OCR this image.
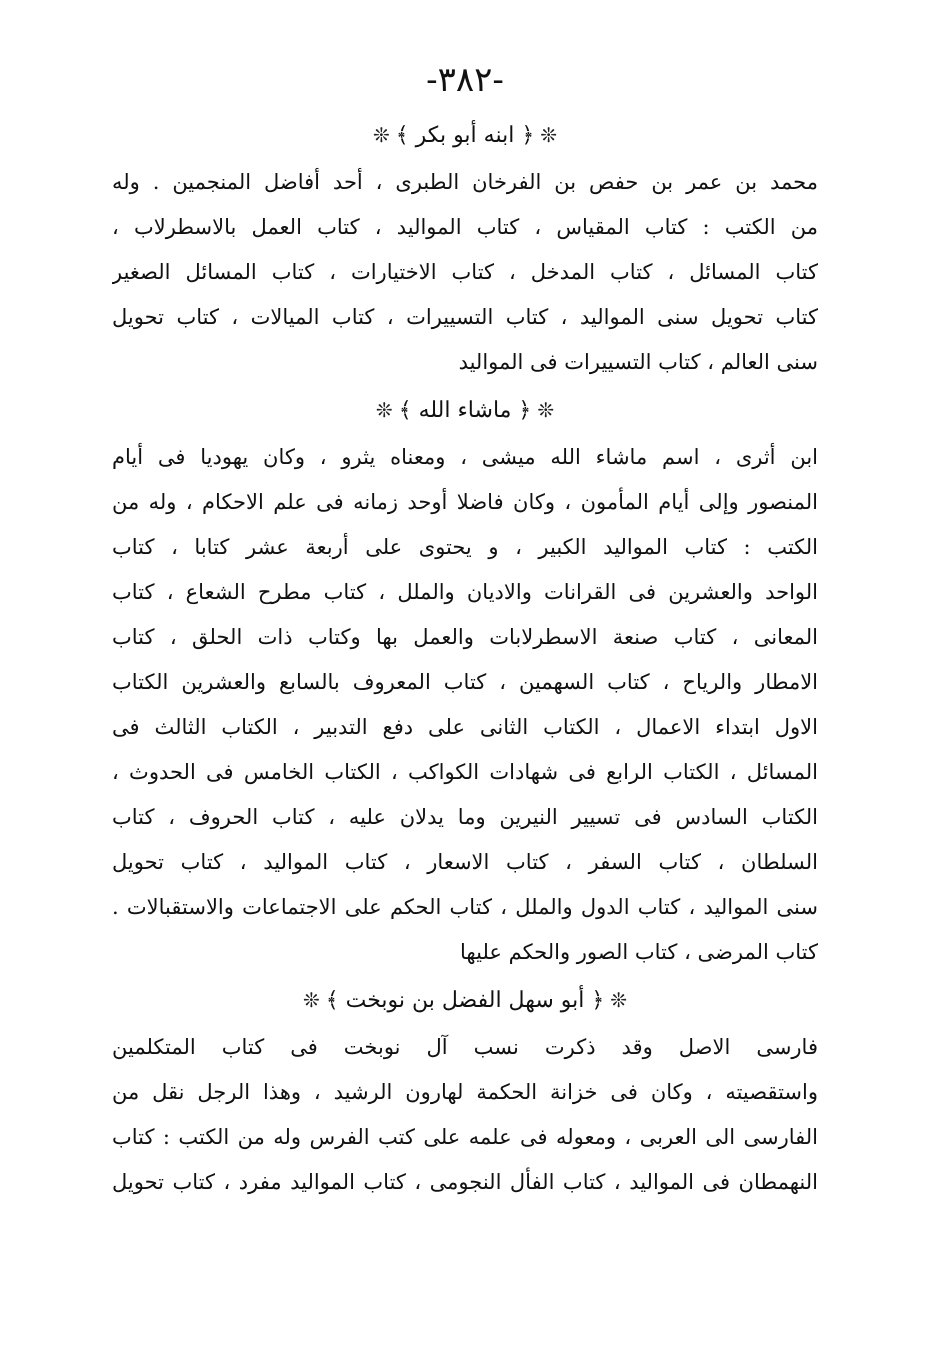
-٣٨٢-
❊﴿ ابنه أبو بكر ﴾❊
محمد بن عمر بن حفص بن الفرخان الطبرى ، أحد أفاضل المنجمين . وله
من الكتب : كتاب المقياس ، كتاب المواليد ، كتاب العمل بالاسطرلاب ،
كتاب المسائل ، كتاب المدخل ، كتاب الاختيارات ، كتاب المسائل الصغير
كتاب تحويل سنى المواليد ، كتاب التسييرات ، كتاب الميالات ، كتاب تحويل
سنى العالم ، كتاب التسييرات فى المواليد
❊﴿ ماشاء الله ﴾❊
ابن أثرى ، اسم ماشاء الله ميشى ، ومعناه يثرو ، وكان يهوديا فى أيام
المنصور وإلى أيام المأمون ، وكان فاضلا أوحد زمانه فى علم الاحكام ، وله من
الكتب : كتاب المواليد الكبير ، و يحتوى على أربعة عشر كتابا ، كتاب
الواحد والعشرين فى القرانات والاديان والملل ، كتاب مطرح الشعاع ، كتاب
المعانى ، كتاب صنعة الاسطرلابات والعمل بها وكتاب ذات الحلق ، كتاب
الامطار والرياح ، كتاب السهمين ، كتاب المعروف بالسابع والعشرين الكتاب
الاول ابتداء الاعمال ، الكتاب الثانى على دفع التدبير ، الكتاب الثالث فى
المسائل ، الكتاب الرابع فى شهادات الكواكب ، الكتاب الخامس فى الحدوث ،
الكتاب السادس فى تسيير النيرين وما يدلان عليه ، كتاب الحروف ، كتاب
السلطان ، كتاب السفر ، كتاب الاسعار ، كتاب المواليد ، كتاب تحويل
سنى المواليد ، كتاب الدول والملل ، كتاب الحكم على الاجتماعات والاستقبالات .
كتاب المرضى ، كتاب الصور والحكم عليها
❊﴿ أبو سهل الفضل بن نوبخت ﴾❊
فارسى الاصل وقد ذكرت نسب آل نوبخت فى كتاب المتكلمين
واستقصيته ، وكان فى خزانة الحكمة لهارون الرشيد ، وهذا الرجل نقل من
الفارسى الى العربى ، ومعوله فى علمه على كتب الفرس وله من الكتب : كتاب
النهمطان فى المواليد ، كتاب الفأل النجومى ، كتاب المواليد مفرد ، كتاب تحويل
